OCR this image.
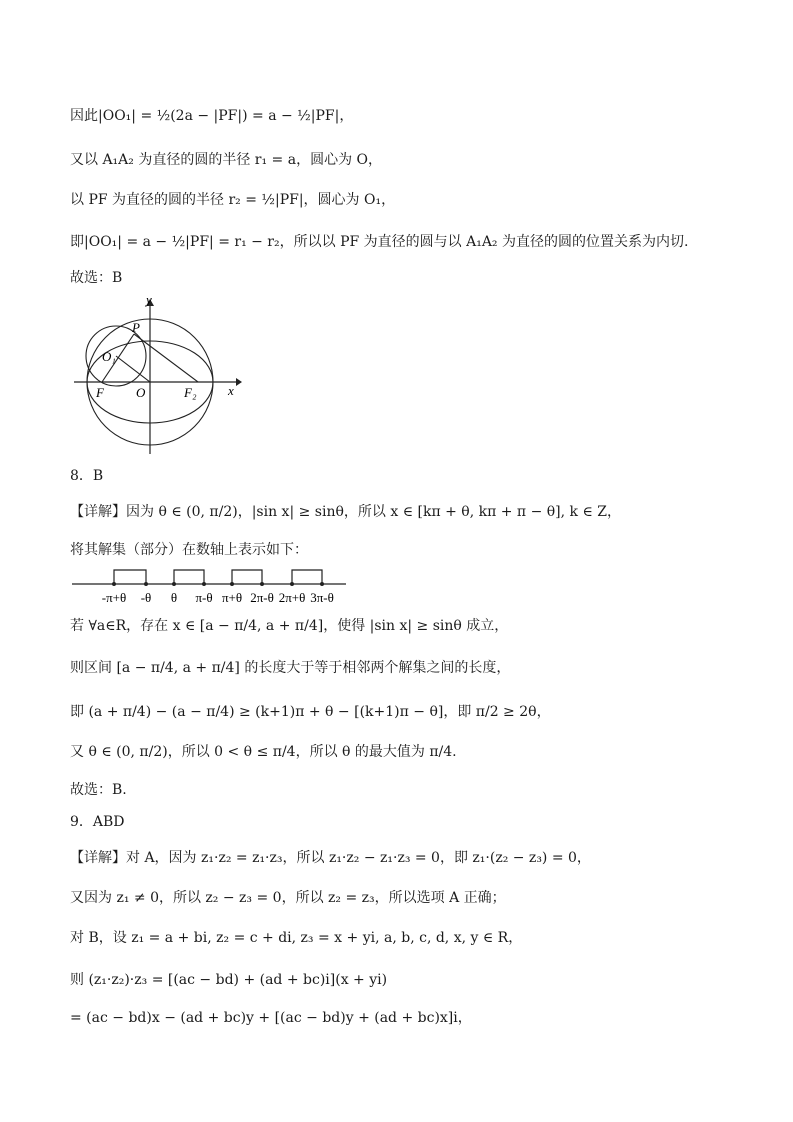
因此|OO₁| = ½(2a − |PF|) = a − ½|PF|，
又以 A₁A₂ 为直径的圆的半径 r₁ = a，圆心为 O，
以 PF 为直径的圆的半径 r₂ = ½|PF|，圆心为 O₁，
即|OO₁| = a − ½|PF| = r₁ − r₂，所以以 PF 为直径的圆与以 A₁A₂ 为直径的圆的位置关系为内切.
故选：B
y
x
P
O₁
F O	F₂
8．B
【详解】因为 θ ∈ (0, π/2)，|sin x| ≥ sinθ，所以 x ∈ [kπ + θ, kπ + π − θ], k ∈ Z，
将其解集（部分）在数轴上表示如下：
-π+θ -θ θ π-θ π+θ 2π-θ 2π+θ 3π-θ
若 ∀a∈R，存在 x ∈ [a − π/4, a + π/4]，使得 |sin x| ≥ sinθ 成立，
则区间 [a − π/4, a + π/4] 的长度大于等于相邻两个解集之间的长度，
即 (a + π/4) − (a − π/4) ≥ (k+1)π + θ − [(k+1)π − θ]，即 π/2 ≥ 2θ，
又 θ ∈ (0, π/2)，所以 0 < θ ≤ π/4，所以 θ 的最大值为 π/4.
故选：B.
9．ABD
【详解】对 A，因为 z₁·z₂ = z₁·z₃，所以 z₁·z₂ − z₁·z₃ = 0，即 z₁·(z₂ − z₃) = 0，
又因为 z₁ ≠ 0，所以 z₂ − z₃ = 0，所以 z₂ = z₃，所以选项 A 正确；
对 B，设 z₁ = a + bi, z₂ = c + di, z₃ = x + yi, a, b, c, d, x, y ∈ R，
则 (z₁·z₂)·z₃ = [(ac − bd) + (ad + bc)i](x + yi)
= (ac − bd)x − (ad + bc)y + [(ac − bd)y + (ad + bc)x]i，
